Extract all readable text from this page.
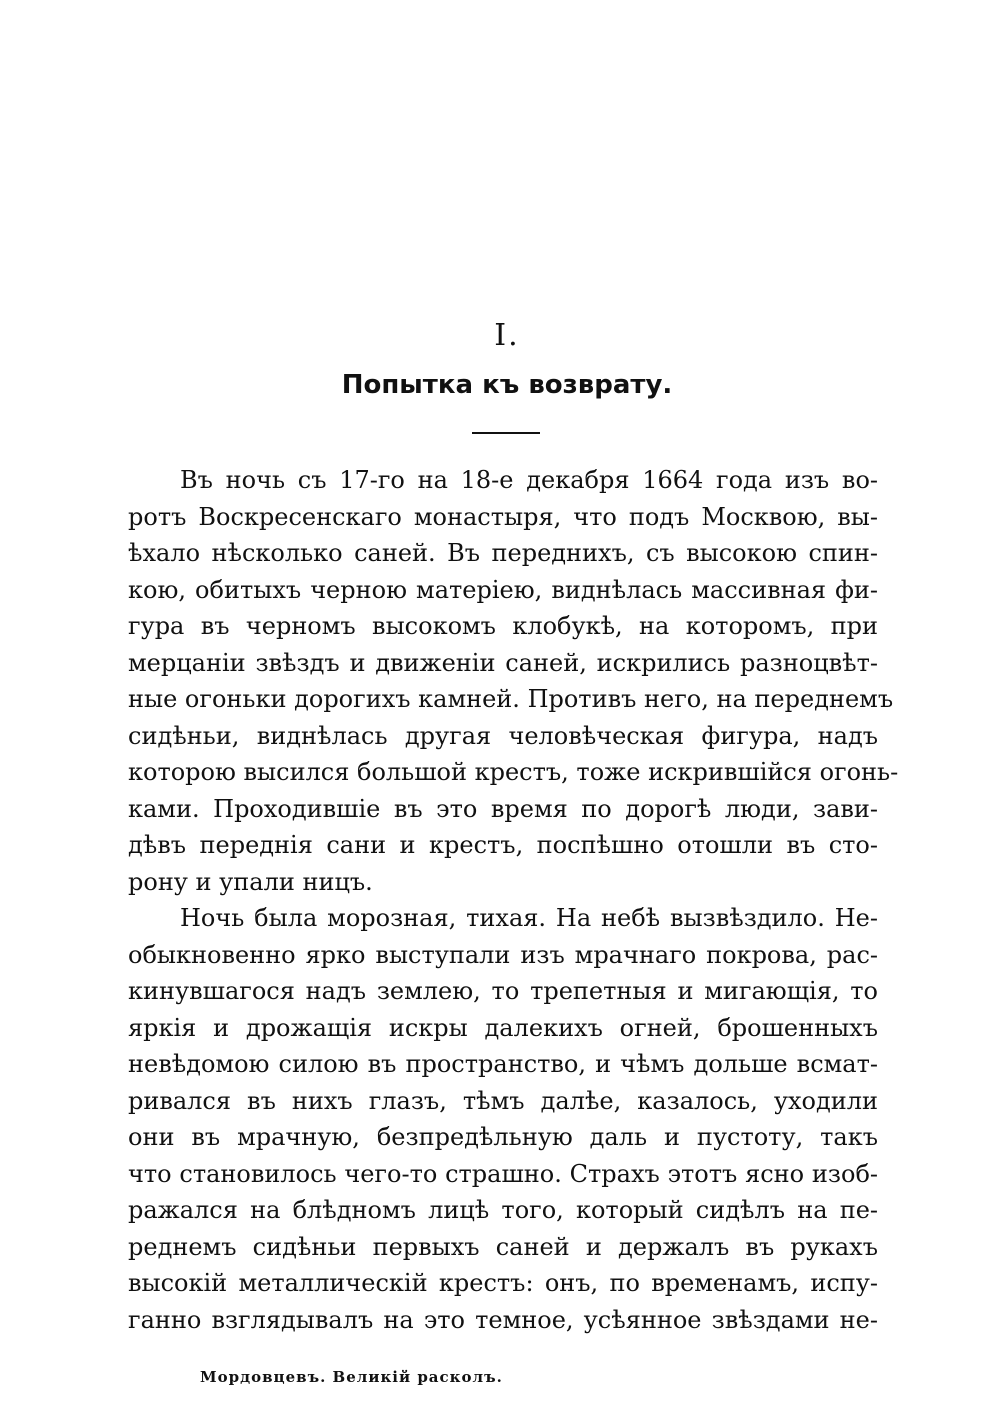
I.
Попытка къ возврату.
Въ ночь съ 17-го на 18-е декабря 1664 года изъ во-
ротъ Воскресенскаго монастыря, что подъ Москвою, вы-
ѣхало нѣсколько саней. Въ переднихъ, съ высокою спин-
кою, обитыхъ черною матеріею, виднѣлась массивная фи-
гура въ черномъ высокомъ клобукѣ, на которомъ, при
мерцаніи звѣздъ и движеніи саней, искрились разноцвѣт-
ные огоньки дорогихъ камней. Противъ него, на переднемъ
сидѣньи, виднѣлась другая человѣческая фигура, надъ
которою высился большой крестъ, тоже искрившійся огонь-
ками. Проходившіе въ это время по дорогѣ люди, зави-
дѣвъ переднія сани и крестъ, поспѣшно отошли въ сто-
рону и упали ницъ.
Ночь была морозная, тихая. На небѣ вызвѣздило. Не-
обыкновенно ярко выступали изъ мрачнаго покрова, рас-
кинувшагося надъ землею, то трепетныя и мигающія, то
яркія и дрожащія искры далекихъ огней, брошенныхъ
невѣдомою силою въ пространство, и чѣмъ дольше всмат-
ривался въ нихъ глазъ, тѣмъ далѣе, казалось, уходили
они въ мрачную, безпредѣльную даль и пустоту, такъ
что становилось чего-то страшно. Страхъ этотъ ясно изоб-
ражался на блѣдномъ лицѣ того, который сидѣлъ на пе-
реднемъ сидѣньи первыхъ саней и держалъ въ рукахъ
высокій металлическій крестъ: онъ, по временамъ, испу-
ганно взглядывалъ на это темное, усѣянное звѣздами не-
Мордовцевъ. Великій расколъ.
